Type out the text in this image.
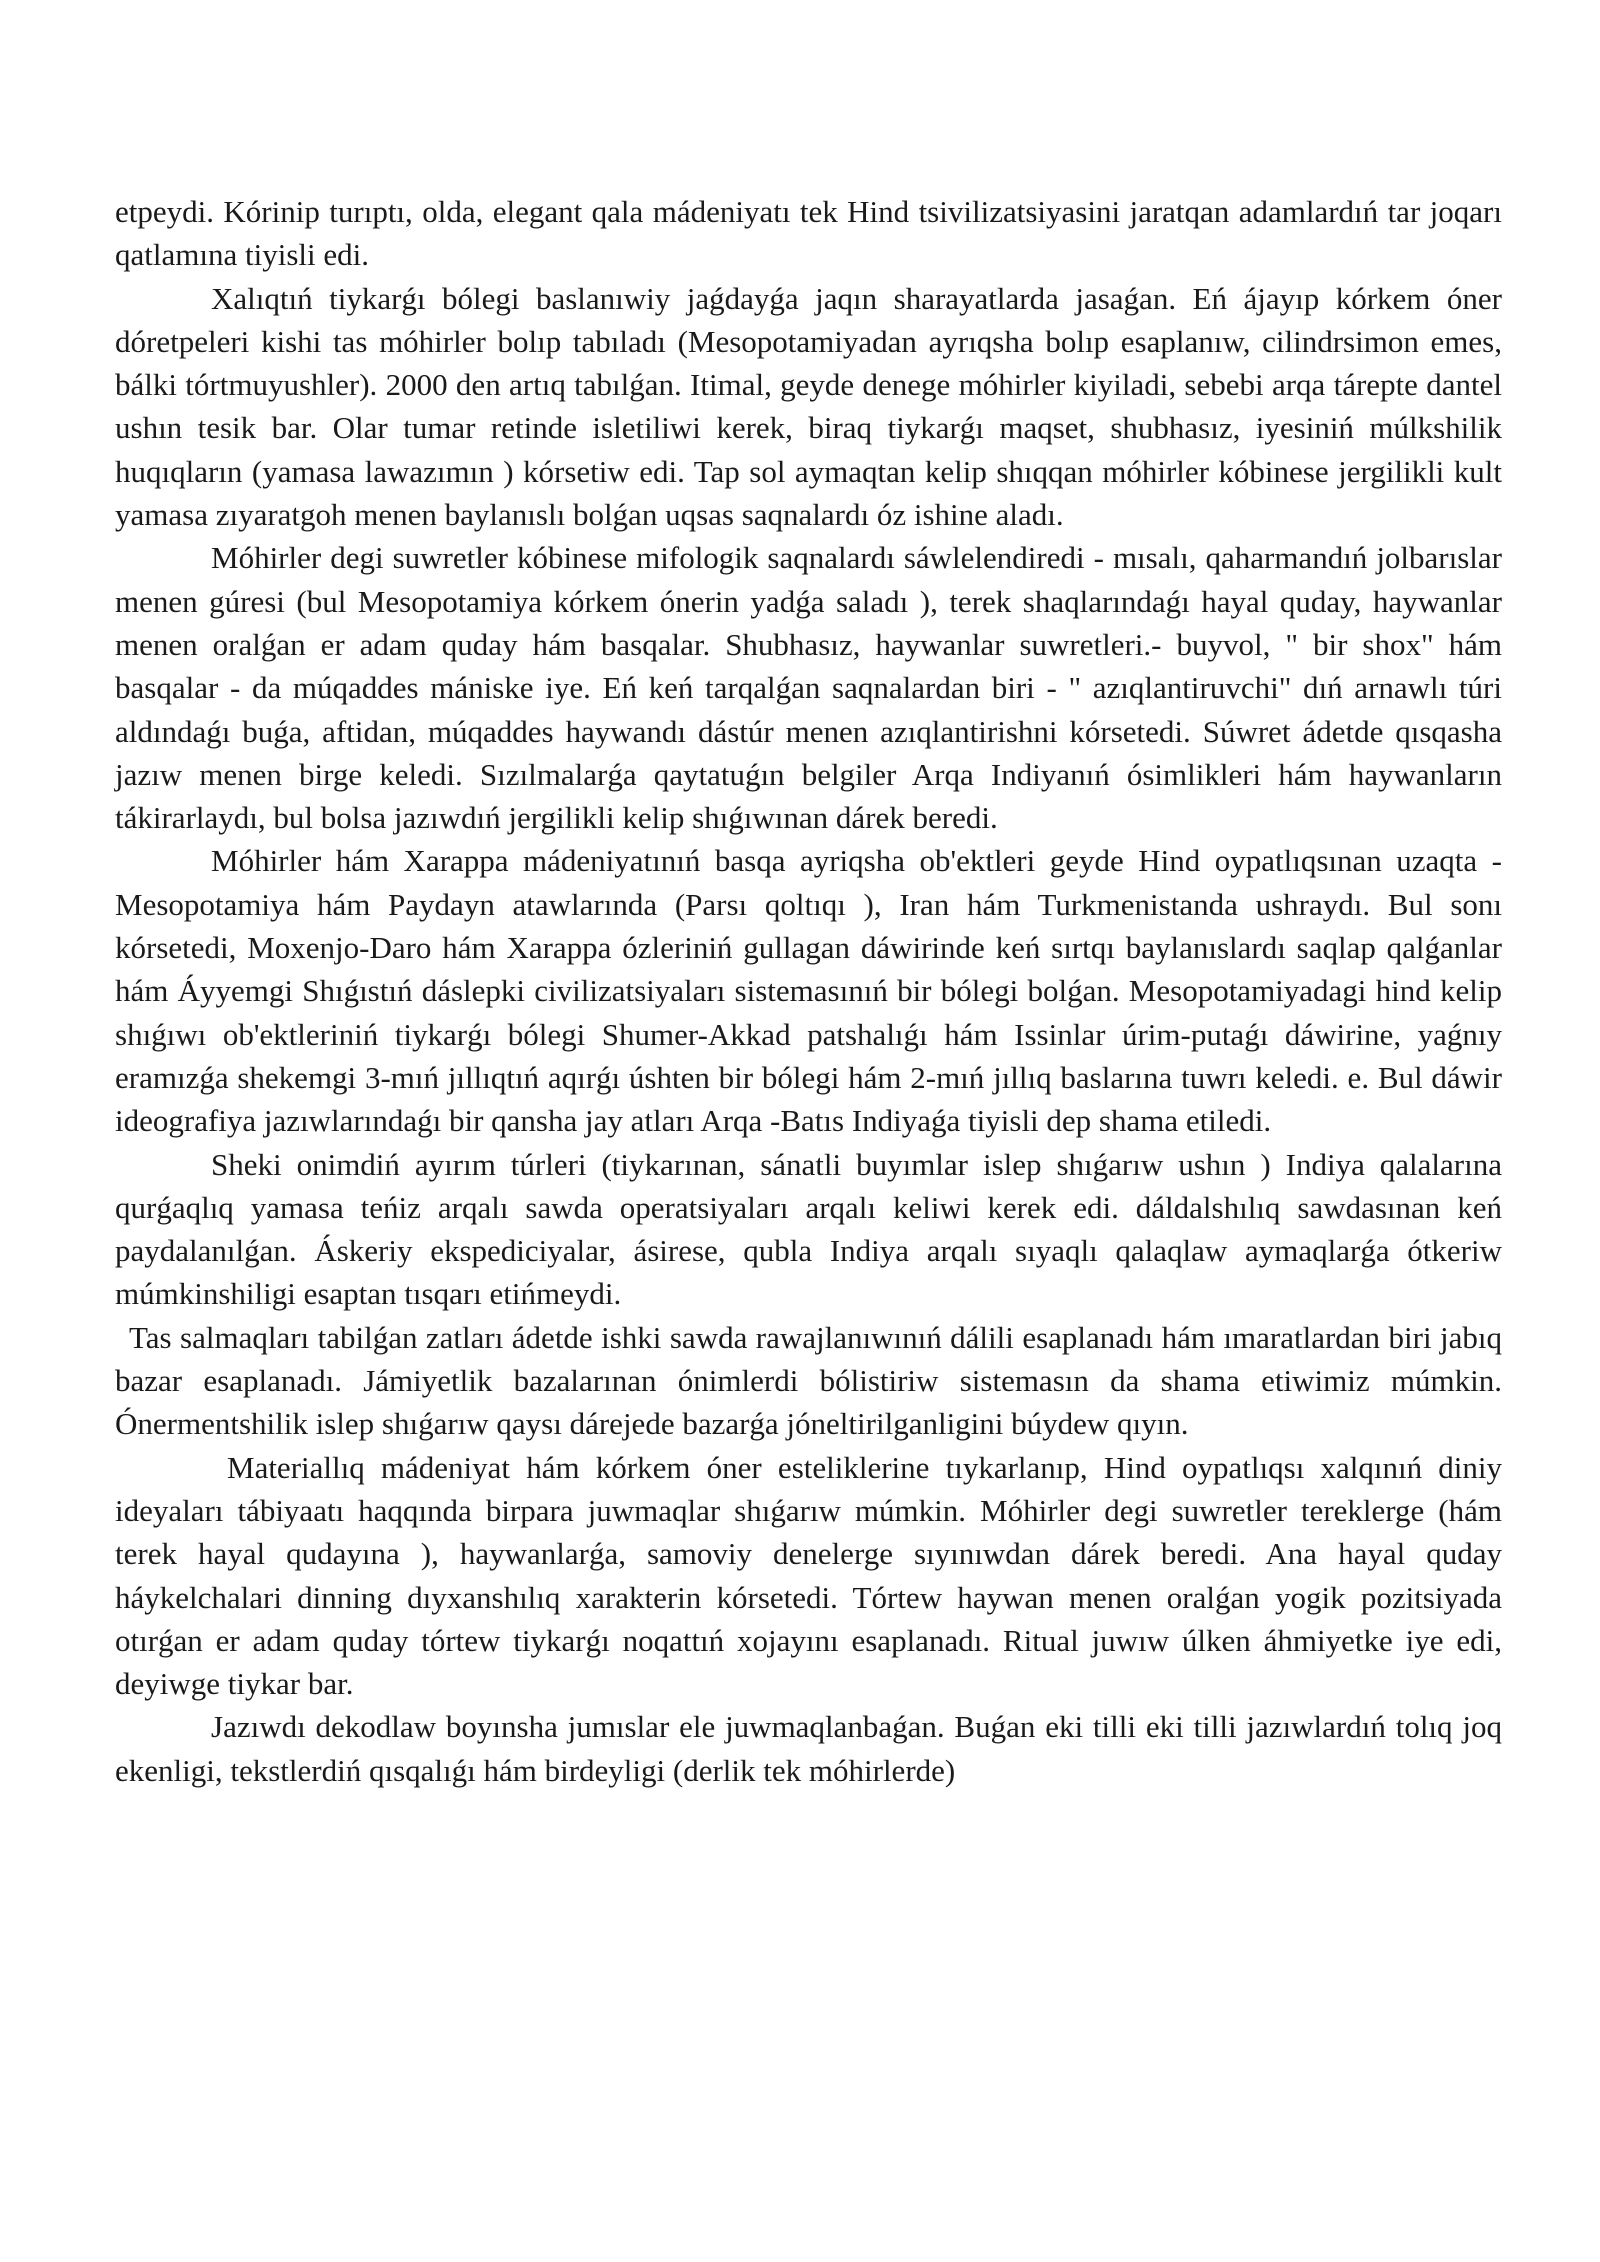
etpeydi. Kórinip turıptı, olda, elegant qala mádeniyatı tek Hind tsivilizatsiyasini jaratqan adamlardıń tar joqarı qatlamına tiyisli edi.

Xalıqtıń tiykarǵı bólegi baslanıwiy jaǵdayǵa jaqın sharayatlarda jasaǵan. Eń ájayıp kórkem óner dóretpeleri kishi tas móhirler bolıp tabıladı (Mesopotamiyadan ayrıqsha bolıp esaplanıw, cilindrsimon emes, bálki tórtmuyushler). 2000 den artıq tabılǵan. Itimal, geyde denege móhirler kiyiladi, sebebi arqa tárepte dantel ushın tesik bar. Olar tumar retinde isletiliwi kerek, biraq tiykarǵı maqset, shubhasız, iyesiniń múlkshilik huqıqların (yamasa lawazımın ) kórsetiw edi. Tap sol aymaqtan kelip shıqqan móhirler kóbinese jergilikli kult yamasa zıyaratgoh menen baylanıslı bolǵan uqsas saqnalardı óz ishine aladı.

Móhirler degi suwretler kóbinese mifologik saqnalardı sáwlelendiredi - mısalı, qaharmandıń jolbarıslar menen gúresi (bul Mesopotamiya kórkem ónerin yadǵa saladı ), terek shaqlarındaǵı hayal quday, haywanlar menen oralǵan er adam quday hám basqalar. Shubhasız, haywanlar suwretleri.- buyvol, " bir shox" hám basqalar - da múqaddes mániske iye. Eń keń tarqalǵan saqnalardan biri - " azıqlantiruvchi" dıń arnawlı túri aldındaǵı buǵa, aftidan, múqaddes haywandı dástúr menen azıqlantirishni kórsetedi. Súwret ádetde qısqasha jazıw menen birge keledi. Sızılmalarǵa qaytatuǵın belgiler Arqa Indiyanıń ósimlikleri hám haywanların tákirarlaydı, bul bolsa jazıwdıń jergilikli kelip shıǵıwınan dárek beredi.

Móhirler hám Xarappa mádeniyatınıń basqa ayriqsha ob'ektleri geyde Hind oypatlıqsınan uzaqta - Mesopotamiya hám Paydayn atawlarında (Parsı qoltıqı ), Iran hám Turkmenistanda ushraydı. Bul sonı kórsetedi, Moxenjo-Daro hám Xarappa ózleriniń gullagan dáwirinde keń sırtqı baylanıslardı saqlap qalǵanlar hám Áyyemgi Shıǵıstıń dáslepki civilizatsiyaları sistemasınıń bir bólegi bolǵan. Mesopotamiyadagi hind kelip shıǵıwı ob'ektleriniń tiykarǵı bólegi Shumer-Akkad patshalıǵı hám Issinlar úrim-putaǵı dáwirine, yaǵnıy eramızǵa shekemgi 3-mıń jıllıqtıń aqırǵı úshten bir bólegi hám 2-mıń jıllıq baslarına tuwrı keledi. e. Bul dáwir ideografiya jazıwlarındaǵı bir qansha jay atları Arqa -Batıs Indiyaǵa tiyisli dep shama etiledi.

Sheki onimdiń ayırım túrleri (tiykarınan, sánatli buyımlar islep shıǵarıw ushın ) Indiya qalalarına qurǵaqlıq yamasa teńiz arqalı sawda operatsiyaları arqalı keliwi kerek edi. dáldalshılıq sawdasınan keń paydalanılǵan. Áskeriy ekspediciyalar, ásirese, qubla Indiya arqalı sıyaqlı qalaqlaw aymaqlarǵa ótkeriw múmkinshiligi esaptan tısqarı etińmeydi.

Tas salmaqları tabilǵan zatları ádetde ishki sawda rawajlanıwınıń dálili esaplanadı hám ımaratlardan biri jabıq bazar esaplanadı. Jámiyetlik bazalarınan ónimlerdi bólistiriw sistemasın da shama etiwimiz múmkin. Ónermentshilik islep shıǵarıw qaysı dárejede bazarǵa jóneltirilganligini búydew qıyın.

Materiallıq mádeniyat hám kórkem óner esteliklerine tıykarlanıp, Hind oypatlıqsı xalqınıń diniy ideyaları tábiyaatı haqqında birpara juwmaqlar shıǵarıw múmkin. Móhirler degi suwretler tereklerge (hám terek hayal qudayına ), haywanlarǵa, samoviy denelerge sıyınıwdan dárek beredi. Ana hayal quday háykelchalari dinning dıyxanshılıq xarakterin kórsetedi. Tórtew haywan menen oralǵan yogik pozitsiyada otırǵan er adam quday tórtew tiykarǵı noqattıń xojayını esaplanadı. Ritual juwıw úlken áhmiyetke iye edi, deyiwge tiykar bar.

Jazıwdı dekodlaw boyınsha jumıslar ele juwmaqlanbaǵan. Buǵan eki tilli eki tilli jazıwlardıń tolıq joq ekenligi, tekstlerdiń qısqalıǵı hám birdeyligi (derlik tek móhirlerde)
